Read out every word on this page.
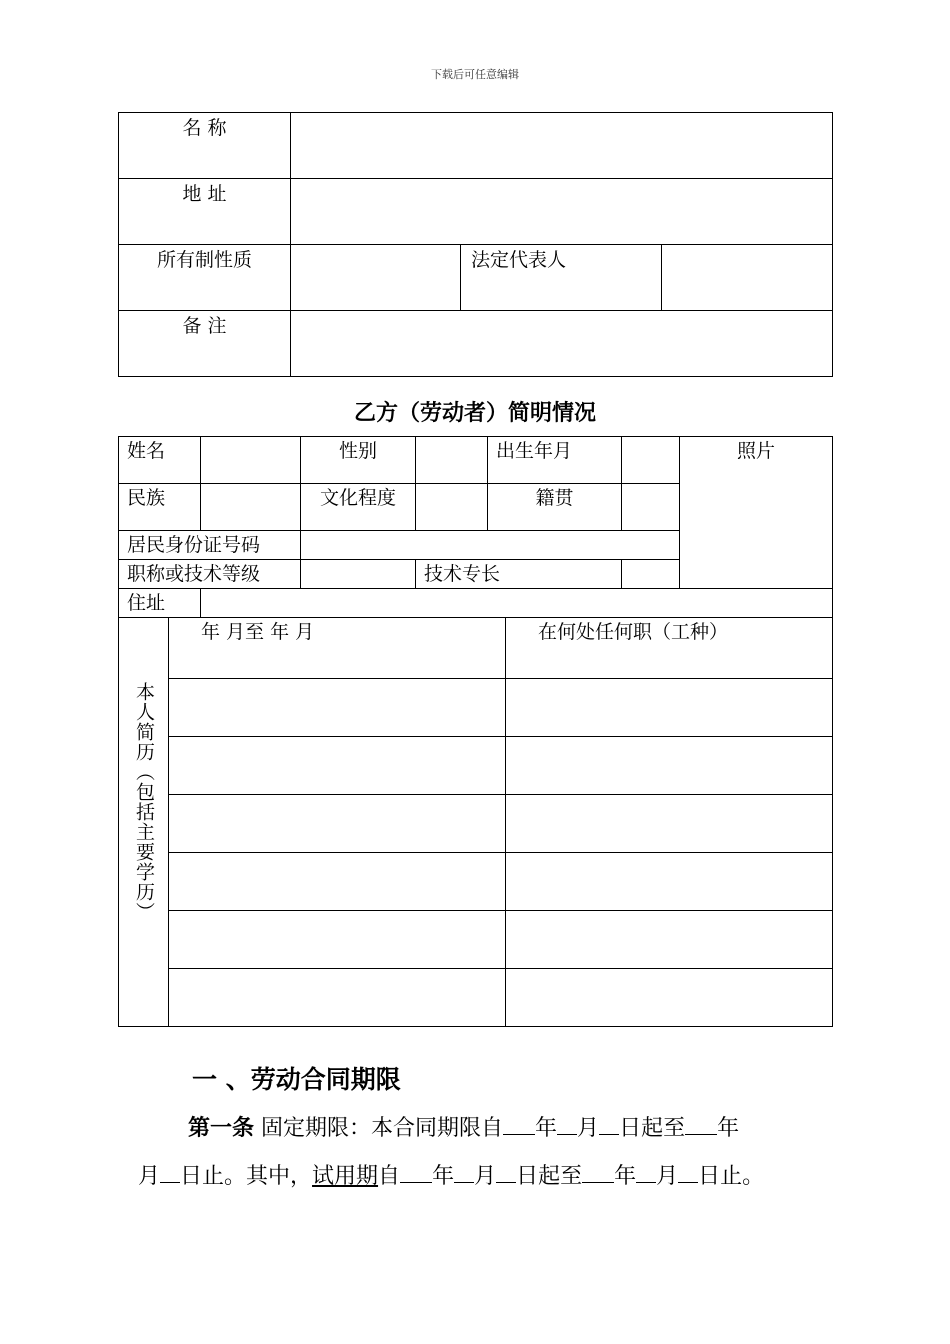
下载后可任意编辑
名 称			
地 址			
所有制性质		法定代表人	
备 注			
乙方（劳动者）简明情况
姓名			性别		出生年月			照片
民族			文化程度		籍贯			
居民身份证号码								
职称或技术等级				技术专长				
住址								

本人简历（包括主要学历）	年 月至 年 月					在何处任何职（工种）		

一 、劳动合同期限
第一条 固定期限：本合同期限自 年 月 日起至 年
月 日止。其中，试用期自 年 月 日起至 年 月 日止。
